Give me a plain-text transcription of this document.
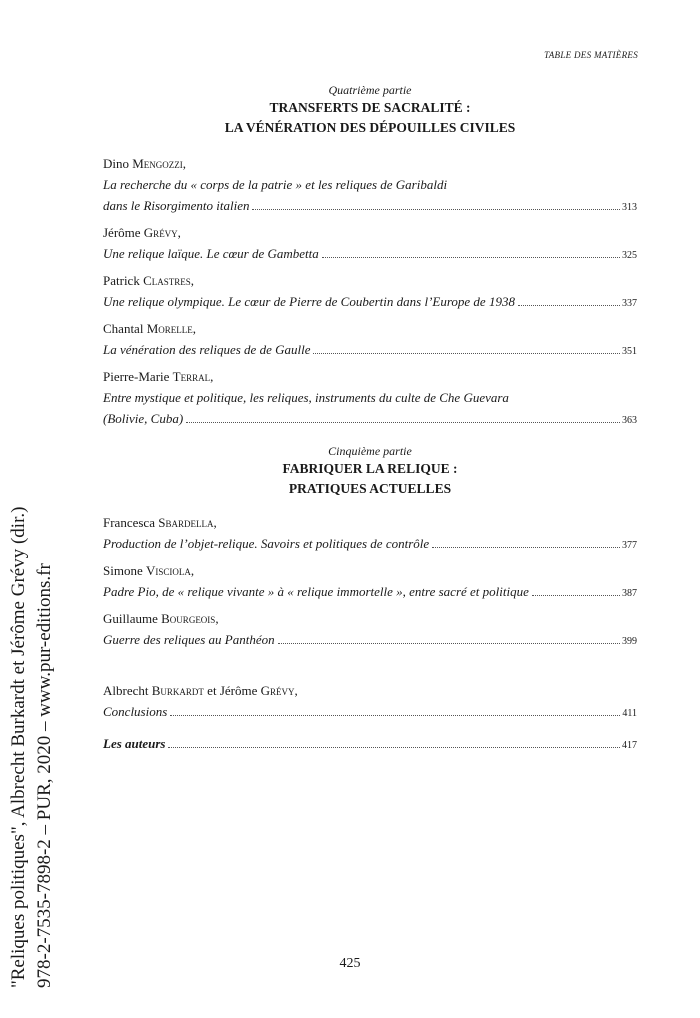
TABLE DES MATIÈRES
Quatrième partie
TRANSFERTS DE SACRALITÉ :
LA VÉNÉRATION DES DÉPOUILLES CIVILES
Dino Mengozzi,
La recherche du « corps de la patrie » et les reliques de Garibaldi
dans le Risorgimento italien	313
Jérôme Grévy,
Une relique laïque. Le cœur de Gambetta	325
Patrick Clastres,
Une relique olympique. Le cœur de Pierre de Coubertin dans l’Europe de 1938	337
Chantal Morelle,
La vénération des reliques de de Gaulle	351
Pierre-Marie Terral,
Entre mystique et politique, les reliques, instruments du culte de Che Guevara
(Bolivie, Cuba)	363
Cinquième partie
FABRIQUER LA RELIQUE :
PRATIQUES ACTUELLES
Francesca Sbardella,
Production de l’objet-relique. Savoirs et politiques de contrôle	377
Simone Visciola,
Padre Pio, de « relique vivante » à « relique immortelle », entre sacré et politique	387
Guillaume Bourgeois,
Guerre des reliques au Panthéon	399
Albrecht Burkardt et Jérôme Grévy,
Conclusions	411
Les auteurs	417
425
"Reliques politiques", Albrecht Burkardt et Jérôme Grévy (dir.) 978-2-7535-7898-2 – PUR, 2020 – www.pur-editions.fr
